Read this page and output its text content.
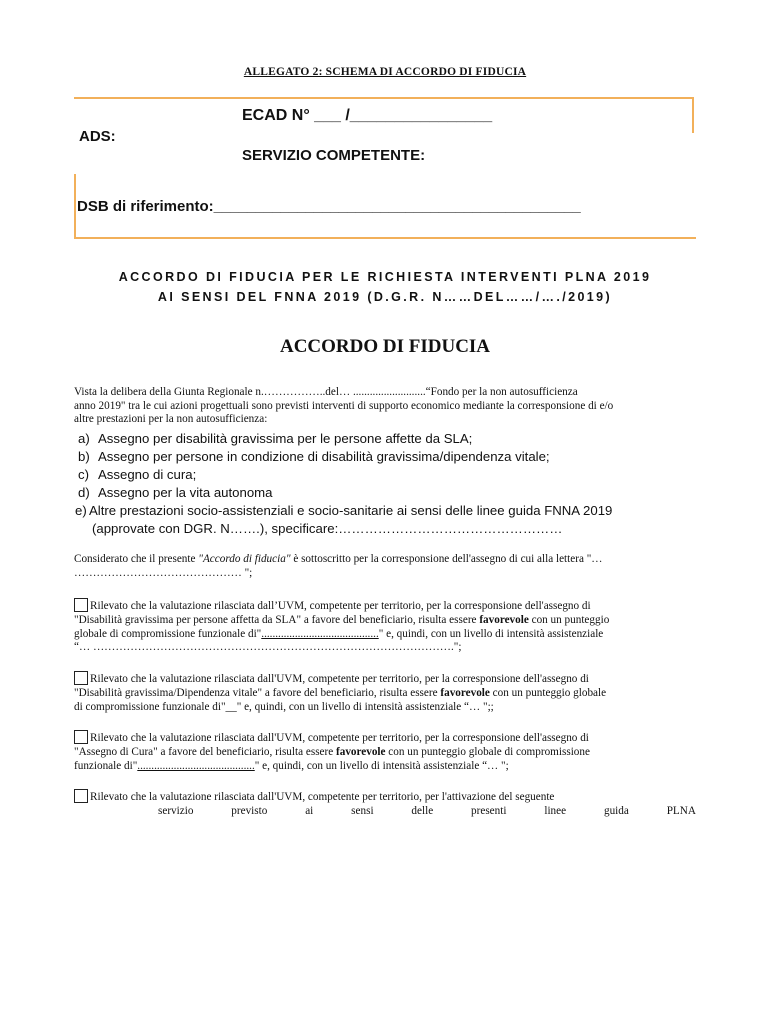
ALLEGATO 2: SCHEMA DI ACCORDO DI FIDUCIA
ECAD N° ___ /________________
ADS:
SERVIZIO COMPETENTE:
DSB di riferimento:____________________________________________
ACCORDO DI FIDUCIA PER LE RICHIESTA INTERVENTI PLNA 2019
AI SENSI DEL FNNA 2019 (D.G.R. N……DEL……/…./2019)
ACCORDO DI FIDUCIA
Vista la delibera della Giunta Regionale n.……………..del… ..........................“Fondo per la non autosufficienza
anno 2019" tra le cui azioni progettuali sono previsti interventi di supporto economico mediante la corresponsione di e/o
altre prestazioni per la non autosufficienza:
a) Assegno per disabilità gravissima per le persone affette da SLA;
b) Assegno per persone in condizione di disabilità gravissima/dipendenza vitale;
c) Assegno di cura;
d) Assegno per la vita autonoma
e) Altre prestazioni socio-assistenziali e socio-sanitarie ai sensi delle linee guida FNNA 2019
(approvate con DGR. N…….), specificare:……………………………………………
Considerato che il presente "Accordo di fiducia" è sottoscritto per la corresponsione dell'assegno di cui alla lettera "…
……………………………………… ";
Rilevato che la valutazione rilasciata dall’UVM, competente per territorio, per la corresponsione dell'assegno di
"Disabilità gravissima per persone affetta da SLA" a favore del beneficiario, risulta essere favorevole con un punteggio
globale di compromissione funzionale di".........................................." e, quindi, con un livello di intensità assistenziale
“… …………………………………………………………………………………….";
Rilevato che la valutazione rilasciata dall'UVM, competente per territorio, per la corresponsione dell'assegno di
"Disabilità gravissima/Dipendenza vitale" a favore del beneficiario, risulta essere favorevole con un punteggio globale
di compromissione funzionale di"__" e, quindi, con un livello di intensità assistenziale “… ";;
Rilevato che la valutazione rilasciata dall'UVM, competente per territorio, per la corresponsione dell'assegno di
"Assegno di Cura" a favore del beneficiario, risulta essere favorevole con un punteggio globale di compromissione
funzionale di".........................................." e, quindi, con un livello di intensità assistenziale “… ";
Rilevato che la valutazione rilasciata dall'UVM, competente per territorio, per l'attivazione del seguente
servizio	previsto	ai	sensi	delle	presenti	linee	guida	PLNA
